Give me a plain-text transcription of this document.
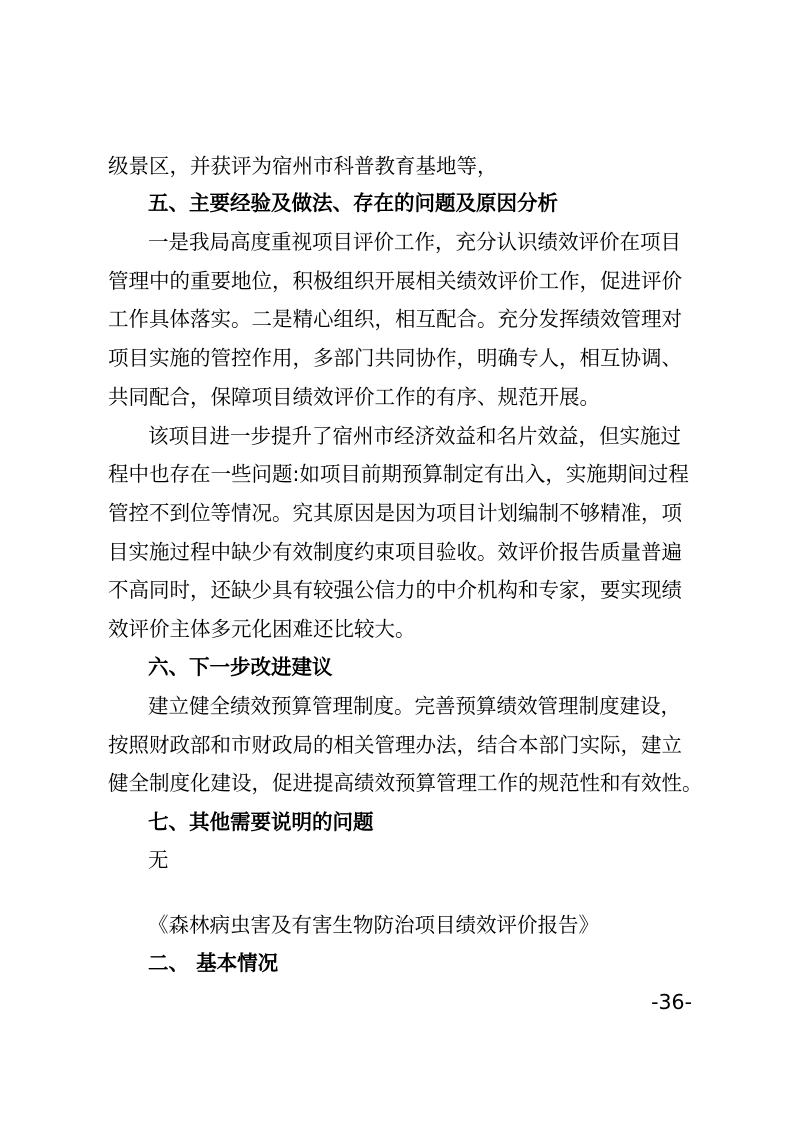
级景区，并获评为宿州市科普教育基地等，

五、主要经验及做法、存在的问题及原因分析

一是我局高度重视项目评价工作，充分认识绩效评价在项目

管理中的重要地位，积极组织开展相关绩效评价工作，促进评价

工作具体落实。二是精心组织，相互配合。充分发挥绩效管理对

项目实施的管控作用，多部门共同协作，明确专人，相互协调、

共同配合，保障项目绩效评价工作的有序、规范开展。

该项目进一步提升了宿州市经济效益和名片效益，但实施过

程中也存在一些问题:如项目前期预算制定有出入，实施期间过程

管控不到位等情况。究其原因是因为项目计划编制不够精准，项

目实施过程中缺少有效制度约束项目验收。效评价报告质量普遍

不高同时，还缺少具有较强公信力的中介机构和专家，要实现绩

效评价主体多元化困难还比较大。

六、下一步改进建议

建立健全绩效预算管理制度。完善预算绩效管理制度建设，

按照财政部和市财政局的相关管理办法，结合本部门实际，建立

健全制度化建设，促进提高绩效预算管理工作的规范性和有效性。

七、其他需要说明的问题

无

《森林病虫害及有害生物防治项目绩效评价报告》

二、 基本情况

-36-
